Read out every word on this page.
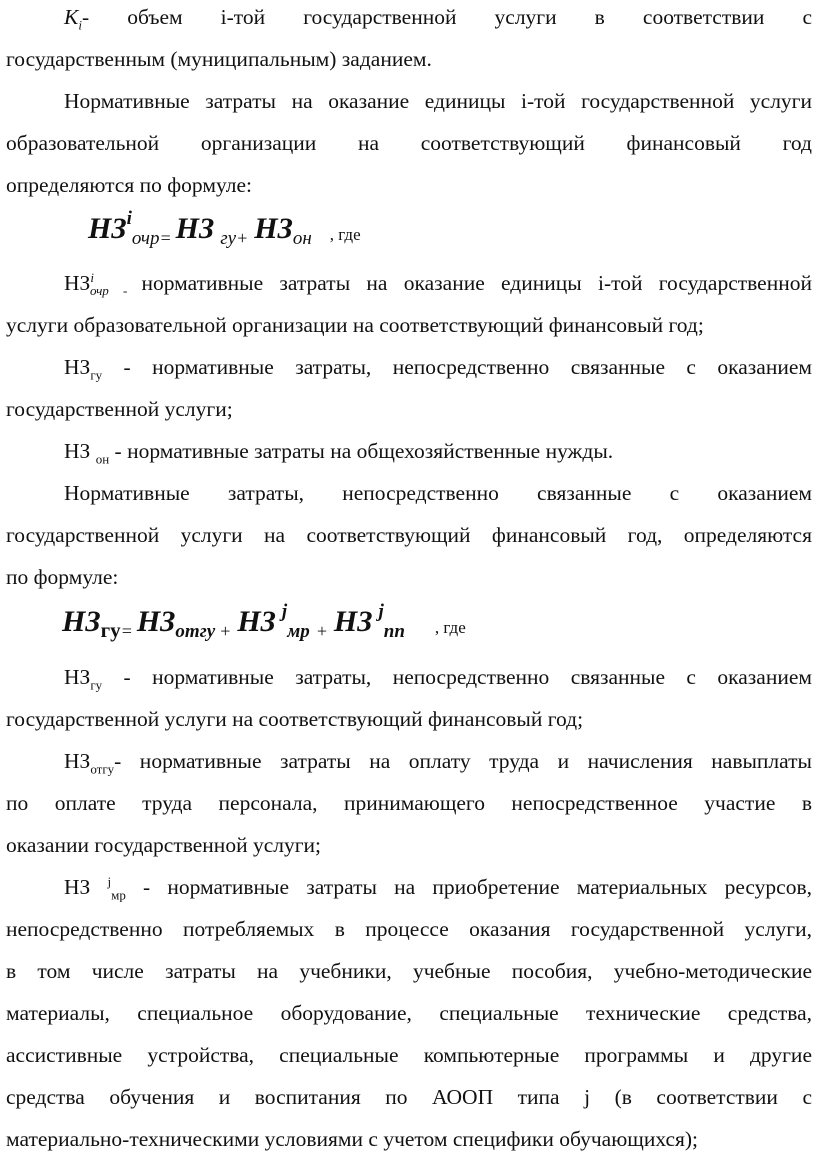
$K_i-$ объем i-той государственной услуги в соответствии с
государственным (муниципальным) заданием.
Нормативные затраты на оказание единицы i-той государственной услуги
образовательной организации на соответствующий финансовый год
определяются по формуле:
НЗiочр= НЗ гу+ НЗон , где
$НЗ^i_{очр -}$ нормативные затраты на оказание единицы i-той государственной
услуги образовательной организации на соответствующий финансовый год;
$НЗ_{гу}$ - нормативные затраты, непосредственно связанные с оказанием
государственной услуги;
НЗ $_{он}$ - нормативные затраты на общехозяйственные нужды.
Нормативные затраты, непосредственно связанные с оказанием
государственной услуги на соответствующий финансовый год, определяются
по формуле:
НЗгу= НЗотгу + НЗ jмр + НЗ jпп , где
$НЗ_{гу}$ - нормативные затраты, непосредственно связанные с оказанием
государственной услуги на соответствующий финансовый год;
$НЗ_{отгу}-$ нормативные затраты на оплату труда и начисления навыплаты
по оплате труда персонала, принимающего непосредственное участие в
оказании государственной услуги;
НЗ $^j_{мр}$ - нормативные затраты на приобретение материальных ресурсов,
непосредственно потребляемых в процессе оказания государственной услуги,
в том числе затраты на учебники, учебные пособия, учебно-методические
материалы, специальное оборудование, специальные технические средства,
ассистивные устройства, специальные компьютерные программы и другие
средства обучения и воспитания по АООП типа j (в соответствии с
материально-техническими условиями с учетом специфики обучающихся);
